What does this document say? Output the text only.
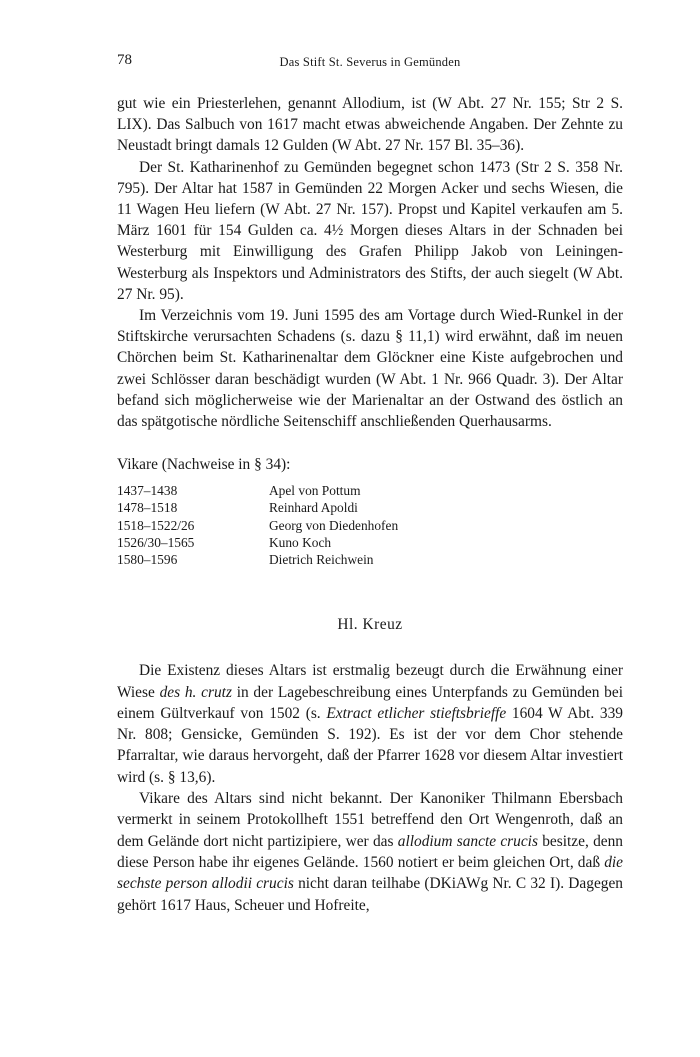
78	Das Stift St. Severus in Gemünden

gut wie ein Priesterlehen, genannt Allodium, ist (W Abt. 27 Nr. 155; Str 2 S. LIX). Das Salbuch von 1617 macht etwas abweichende Angaben. Der Zehnte zu Neustadt bringt damals 12 Gulden (W Abt. 27 Nr. 157 Bl. 35–36).

Der St. Katharinenhof zu Gemünden begegnet schon 1473 (Str 2 S. 358 Nr. 795). Der Altar hat 1587 in Gemünden 22 Morgen Acker und sechs Wiesen, die 11 Wagen Heu liefern (W Abt. 27 Nr. 157). Propst und Kapitel verkaufen am 5. März 1601 für 154 Gulden ca. 4½ Morgen dieses Altars in der Schnaden bei Westerburg mit Einwilligung des Grafen Philipp Jakob von Leiningen-Westerburg als Inspektors und Administrators des Stifts, der auch siegelt (W Abt. 27 Nr. 95).

Im Verzeichnis vom 19. Juni 1595 des am Vortage durch Wied-Runkel in der Stiftskirche verursachten Schadens (s. dazu § 11,1) wird erwähnt, daß im neuen Chörchen beim St. Katharinenaltar dem Glöckner eine Kiste aufgebrochen und zwei Schlösser daran beschädigt wurden (W Abt. 1 Nr. 966 Quadr. 3). Der Altar befand sich möglicherweise wie der Marienaltar an der Ostwand des östlich an das spätgotische nördliche Seitenschiff anschließenden Querhausarms.

Vikare (Nachweise in § 34):
1437–1438	Apel von Pottum
1478–1518	Reinhard Apoldi
1518–1522/26	Georg von Diedenhofen
1526/30–1565	Kuno Koch
1580–1596	Dietrich Reichwein
Hl. Kreuz

Die Existenz dieses Altars ist erstmalig bezeugt durch die Erwähnung einer Wiese des h. crutz in der Lagebeschreibung eines Unterpfands zu Gemünden bei einem Gültverkauf von 1502 (s. Extract etlicher stieftsbrieffe 1604 W Abt. 339 Nr. 808; Gensicke, Gemünden S. 192). Es ist der vor dem Chor stehende Pfarraltar, wie daraus hervorgeht, daß der Pfarrer 1628 vor diesem Altar investiert wird (s. § 13,6).

Vikare des Altars sind nicht bekannt. Der Kanoniker Thilmann Ebersbach vermerkt in seinem Protokollheft 1551 betreffend den Ort Wengenroth, daß an dem Gelände dort nicht partizipiere, wer das allodium sancte crucis besitze, denn diese Person habe ihr eigenes Gelände. 1560 notiert er beim gleichen Ort, daß die sechste person allodii crucis nicht daran teilhabe (DKiAWg Nr. C 32 I). Dagegen gehört 1617 Haus, Scheuer und Hofreite,
